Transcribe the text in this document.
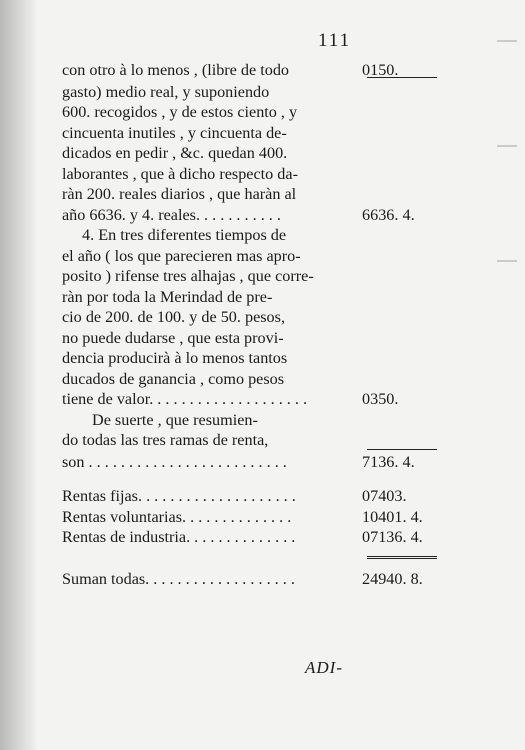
111
con otro à lo menos , (libre de todo	0150.
gasto) medio real, y suponiendo
600. recogidos , y de estos ciento , y
cincuenta inutiles , y cincuenta de-
dicados en pedir , &c. quedan 400.
laborantes , que à dicho respecto da-
ràn 200. reales diarios , que haràn al
año 6636. y 4. reales. . . . . . . . . . .	6636. 4.
4. En tres diferentes tiempos de
el año ( los que parecieren mas apro-
posito ) rifense tres alhajas , que corre-
ràn por toda la Merindad de pre-
cio de 200. de 100. y de 50. pesos,
no puede dudarse , que esta provi-
dencia producirà à lo menos tantos
ducados de ganancia , como pesos
tiene de valor. . . . . . . . . . . . . . . . . . . .	0350.
De suerte , que resumien-
do todas las tres ramas de renta,
son . . . . . . . . . . . . . . . . . . . . . . . . .	7136. 4.
Rentas fijas. . . . . . . . . . . . . . . . . . . .	07403.
Rentas voluntarias. . . . . . . . . . . . . .	10401. 4.
Rentas de industria. . . . . . . . . . . . . .	07136. 4.
Suman todas. . . . . . . . . . . . . . . . . . .	24940. 8.
ADI-
